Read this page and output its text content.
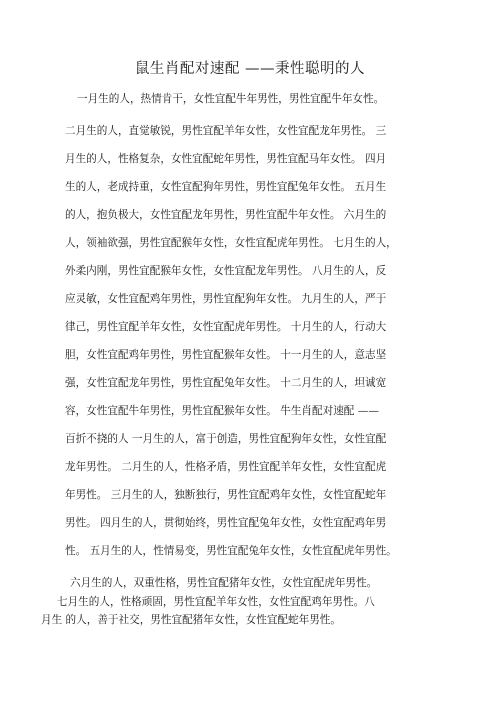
鼠生肖配对速配 ——秉性聪明的人
一月生的人，热情肯干，女性宜配牛年男性，男性宜配牛年女性。
二月生的人，直觉敏锐，男性宜配羊年女性，女性宜配龙年男性。 三
月生的人，性格复杂，女性宜配蛇年男性，男性宜配马年女性。 四月
生的人，老成持重，女性宜配狗年男性，男性宜配兔年女性。 五月生
的人，抱负极大，女性宜配龙年男性，男性宜配牛年女性。 六月生的
人，领袖欲强，男性宜配猴年女性，女性宜配虎年男性。 七月生的人，
外柔内刚，男性宜配猴年女性，女性宜配龙年男性。 八月生的人，反
应灵敏，女性宜配鸡年男性，男性宜配狗年女性。 九月生的人，严于
律己，男性宜配羊年女性，女性宜配虎年男性。 十月生的人，行动大
胆，女性宜配鸡年男性，男性宜配猴年女性。 十一月生的人，意志坚
强，女性宜配龙年男性，男性宜配兔年女性。 十二月生的人，坦诚宽
容，女性宜配牛年男性，男性宜配猴年女性。 牛生肖配对速配 ——
百折不挠的人 一月生的人，富于创造，男性宜配狗年女性，女性宜配
龙年男性。 二月生的人，性格矛盾，男性宜配羊年女性，女性宜配虎
年男性。 三月生的人，独断独行，男性宜配鸡年女性，女性宜配蛇年
男性。 四月生的人，贯彻始终，男性宜配兔年女性，女性宜配鸡年男
性。 五月生的人，性情易变，男性宜配兔年女性，女性宜配虎年男性。
六月生的人，双重性格，男性宜配猪年女性，女性宜配虎年男性。
七月生的人，性格顽固，男性宜配羊年女性，女性宜配鸡年男性。八
月生 的人，善于社交，男性宜配猪年女性，女性宜配蛇年男性。
